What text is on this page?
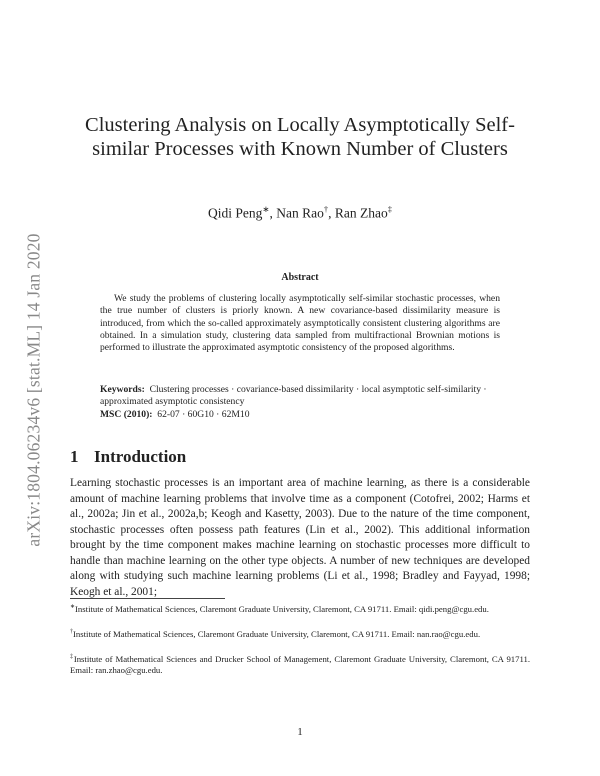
arXiv:1804.06234v6 [stat.ML] 14 Jan 2020
Clustering Analysis on Locally Asymptotically Self-similar Processes with Known Number of Clusters
Qidi Peng∗, Nan Rao†, Ran Zhao‡
Abstract
We study the problems of clustering locally asymptotically self-similar stochastic processes, when the true number of clusters is priorly known. A new covariance-based dissimilarity measure is introduced, from which the so-called approximately asymptotically consistent clustering algorithms are obtained. In a simulation study, clustering data sampled from multifractional Brownian motions is performed to illustrate the approximated asymptotic consistency of the proposed algorithms.
Keywords: Clustering processes · covariance-based dissimilarity · local asymptotic self-similarity · approximated asymptotic consistency
MSC (2010): 62-07 · 60G10 · 62M10
1 Introduction
Learning stochastic processes is an important area of machine learning, as there is a considerable amount of machine learning problems that involve time as a component (Cotofrei, 2002; Harms et al., 2002a; Jin et al., 2002a,b; Keogh and Kasetty, 2003). Due to the nature of the time component, stochastic processes often possess path features (Lin et al., 2002). This additional information brought by the time component makes machine learning on stochastic processes more difficult to handle than machine learning on the other type objects. A number of new techniques are developed along with studying such machine learning problems (Li et al., 1998; Bradley and Fayyad, 1998; Keogh et al., 2001;
∗Institute of Mathematical Sciences, Claremont Graduate University, Claremont, CA 91711. Email: qidi.peng@cgu.edu.
†Institute of Mathematical Sciences, Claremont Graduate University, Claremont, CA 91711. Email: nan.rao@cgu.edu.
‡Institute of Mathematical Sciences and Drucker School of Management, Claremont Graduate University, Claremont, CA 91711. Email: ran.zhao@cgu.edu.
1
